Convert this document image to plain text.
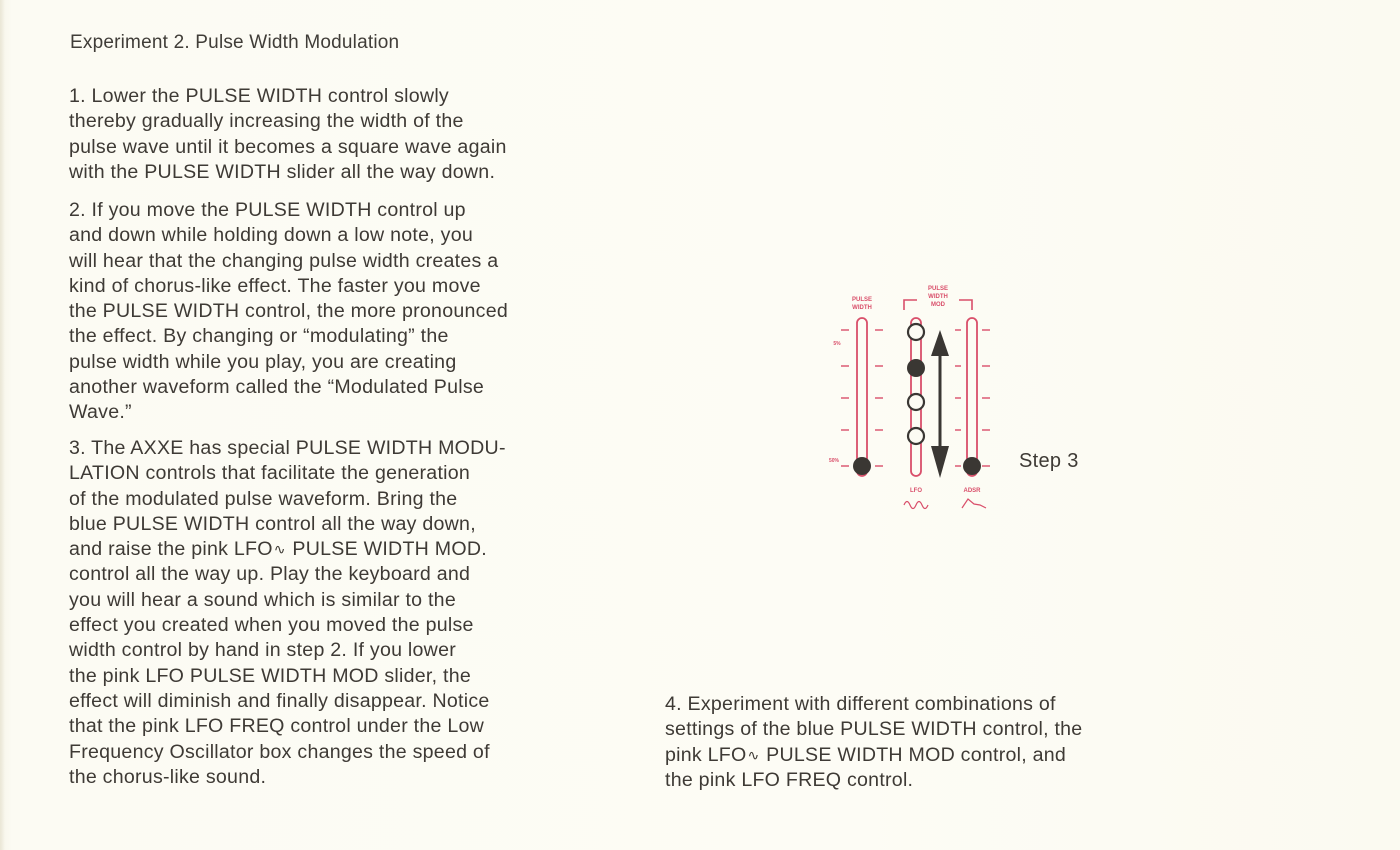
Experiment 2. Pulse Width Modulation

1. Lower the PULSE WIDTH control slowly
thereby gradually increasing the width of the
pulse wave until it becomes a square wave again
with the PULSE WIDTH slider all the way down.

2. If you move the PULSE WIDTH control up
and down while holding down a low note, you
will hear that the changing pulse width creates a
kind of chorus-like effect. The faster you move
the PULSE WIDTH control, the more pronounced
the effect. By changing or “modulating” the
pulse width while you play, you are creating
another waveform called the “Modulated Pulse
Wave.”

3. The AXXE has special PULSE WIDTH MODU-
LATION controls that facilitate the generation
of the modulated pulse waveform. Bring the
blue PULSE WIDTH control all the way down,
and raise the pink LFO∿ PULSE WIDTH MOD.
control all the way up. Play the keyboard and
you will hear a sound which is similar to the
effect you created when you moved the pulse
width control by hand in step 2. If you lower
the pink LFO PULSE WIDTH MOD slider, the
effect will diminish and finally disappear. Notice
that the pink LFO FREQ control under the Low
Frequency Oscillator box changes the speed of
the chorus-like sound.

4. Experiment with different combinations of
settings of the blue PULSE WIDTH control, the
pink LFO∿ PULSE WIDTH MOD control, and
the pink LFO FREQ control.

PULSE
WIDTH
PULSE
WIDTH
MOD
5%
50%
LFO	ADSR
Step 3
